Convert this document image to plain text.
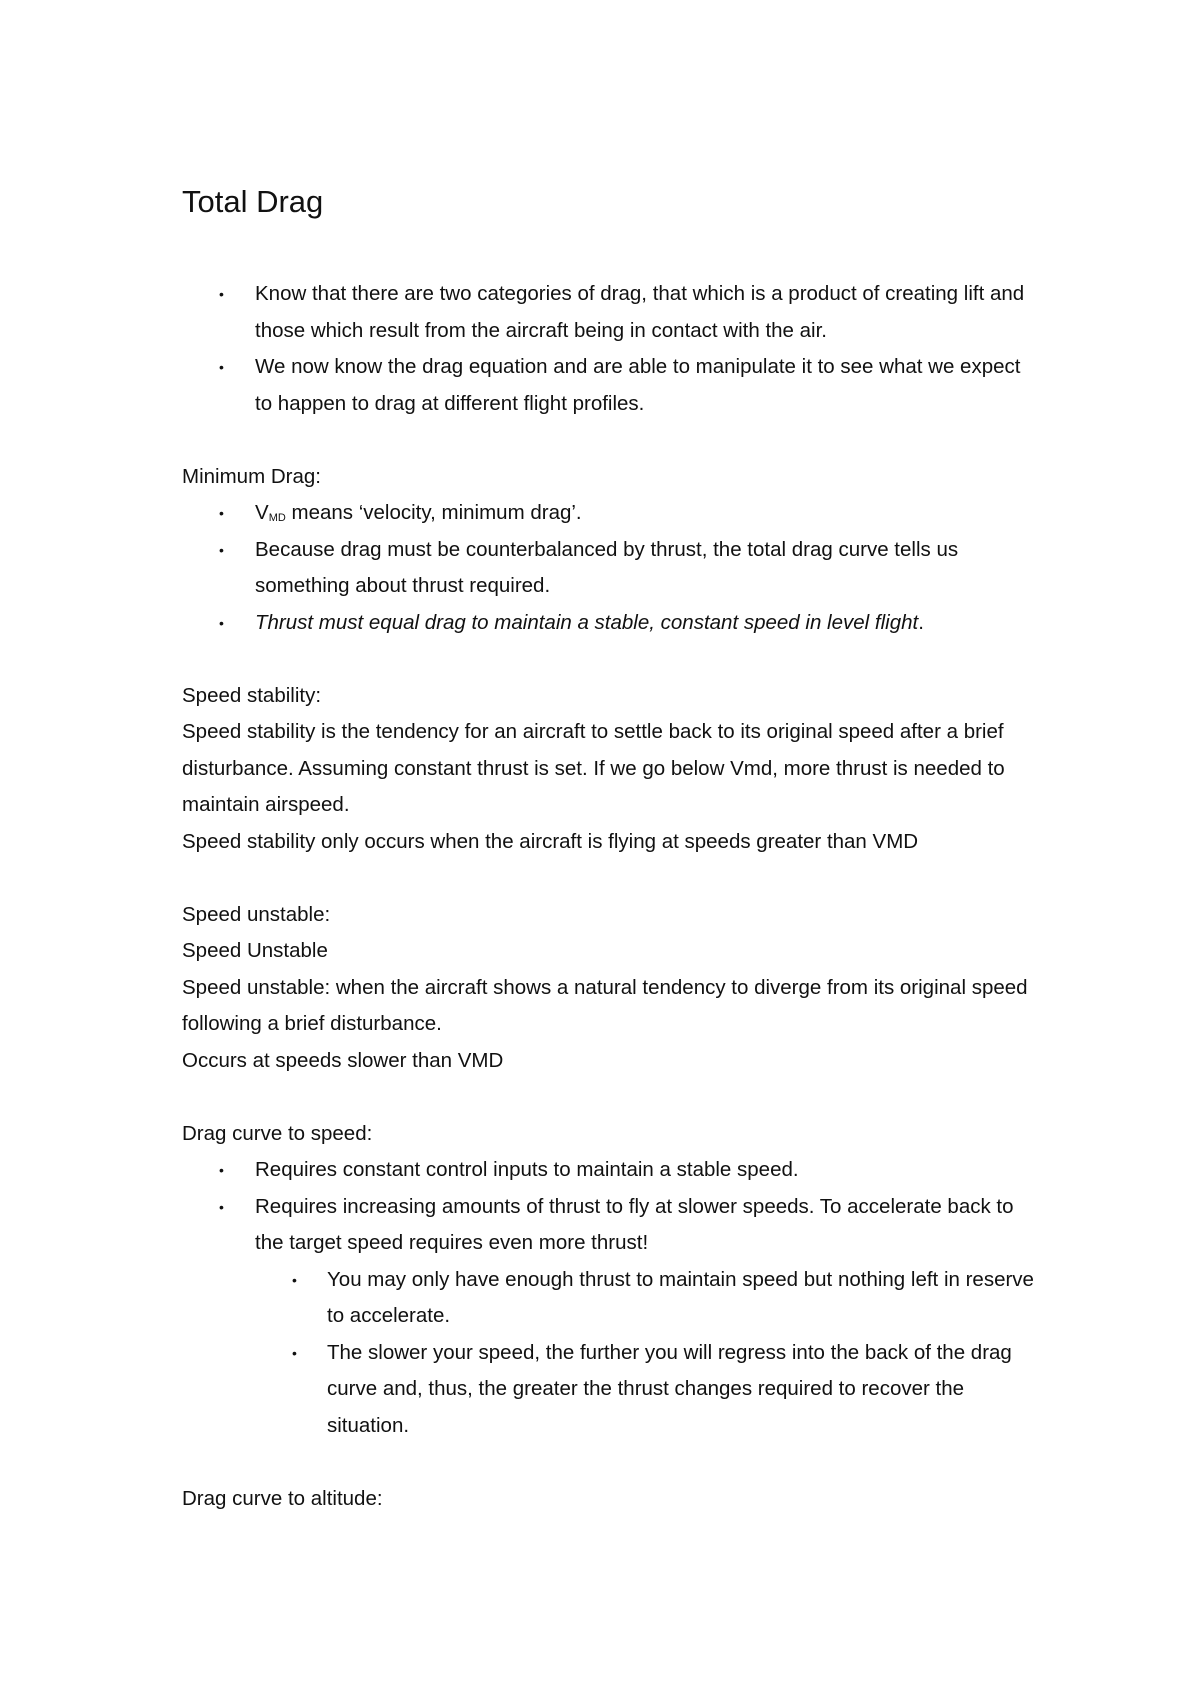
Total Drag
• Know that there are two categories of drag, that which is a product of creating lift and those which result from the aircraft being in contact with the air.
• We now know the drag equation and are able to manipulate it to see what we expect to happen to drag at different flight profiles.

Minimum Drag:

• $V_{MD}$ means ‘velocity, minimum drag’.
• Because drag must be counterbalanced by thrust, the total drag curve tells us something about thrust required.
• Thrust must equal drag to maintain a stable, constant speed in level flight.

Speed stability:

Speed stability is the tendency for an aircraft to settle back to its original speed after a brief disturbance. Assuming constant thrust is set. If we go below Vmd, more thrust is needed to maintain airspeed.

Speed stability only occurs when the aircraft is flying at speeds greater than VMD

Speed unstable:

Speed Unstable

Speed unstable: when the aircraft shows a natural tendency to diverge from its original speed following a brief disturbance.

Occurs at speeds slower than VMD

Drag curve to speed:

• Requires constant control inputs to maintain a stable speed.
• Requires increasing amounts of thrust to fly at slower speeds. To accelerate back to the target speed requires even more thrust!
• You may only have enough thrust to maintain speed but nothing left in reserve to accelerate.
• The slower your speed, the further you will regress into the back of the drag curve and, thus, the greater the thrust changes required to recover the situation.

Drag curve to altitude:
